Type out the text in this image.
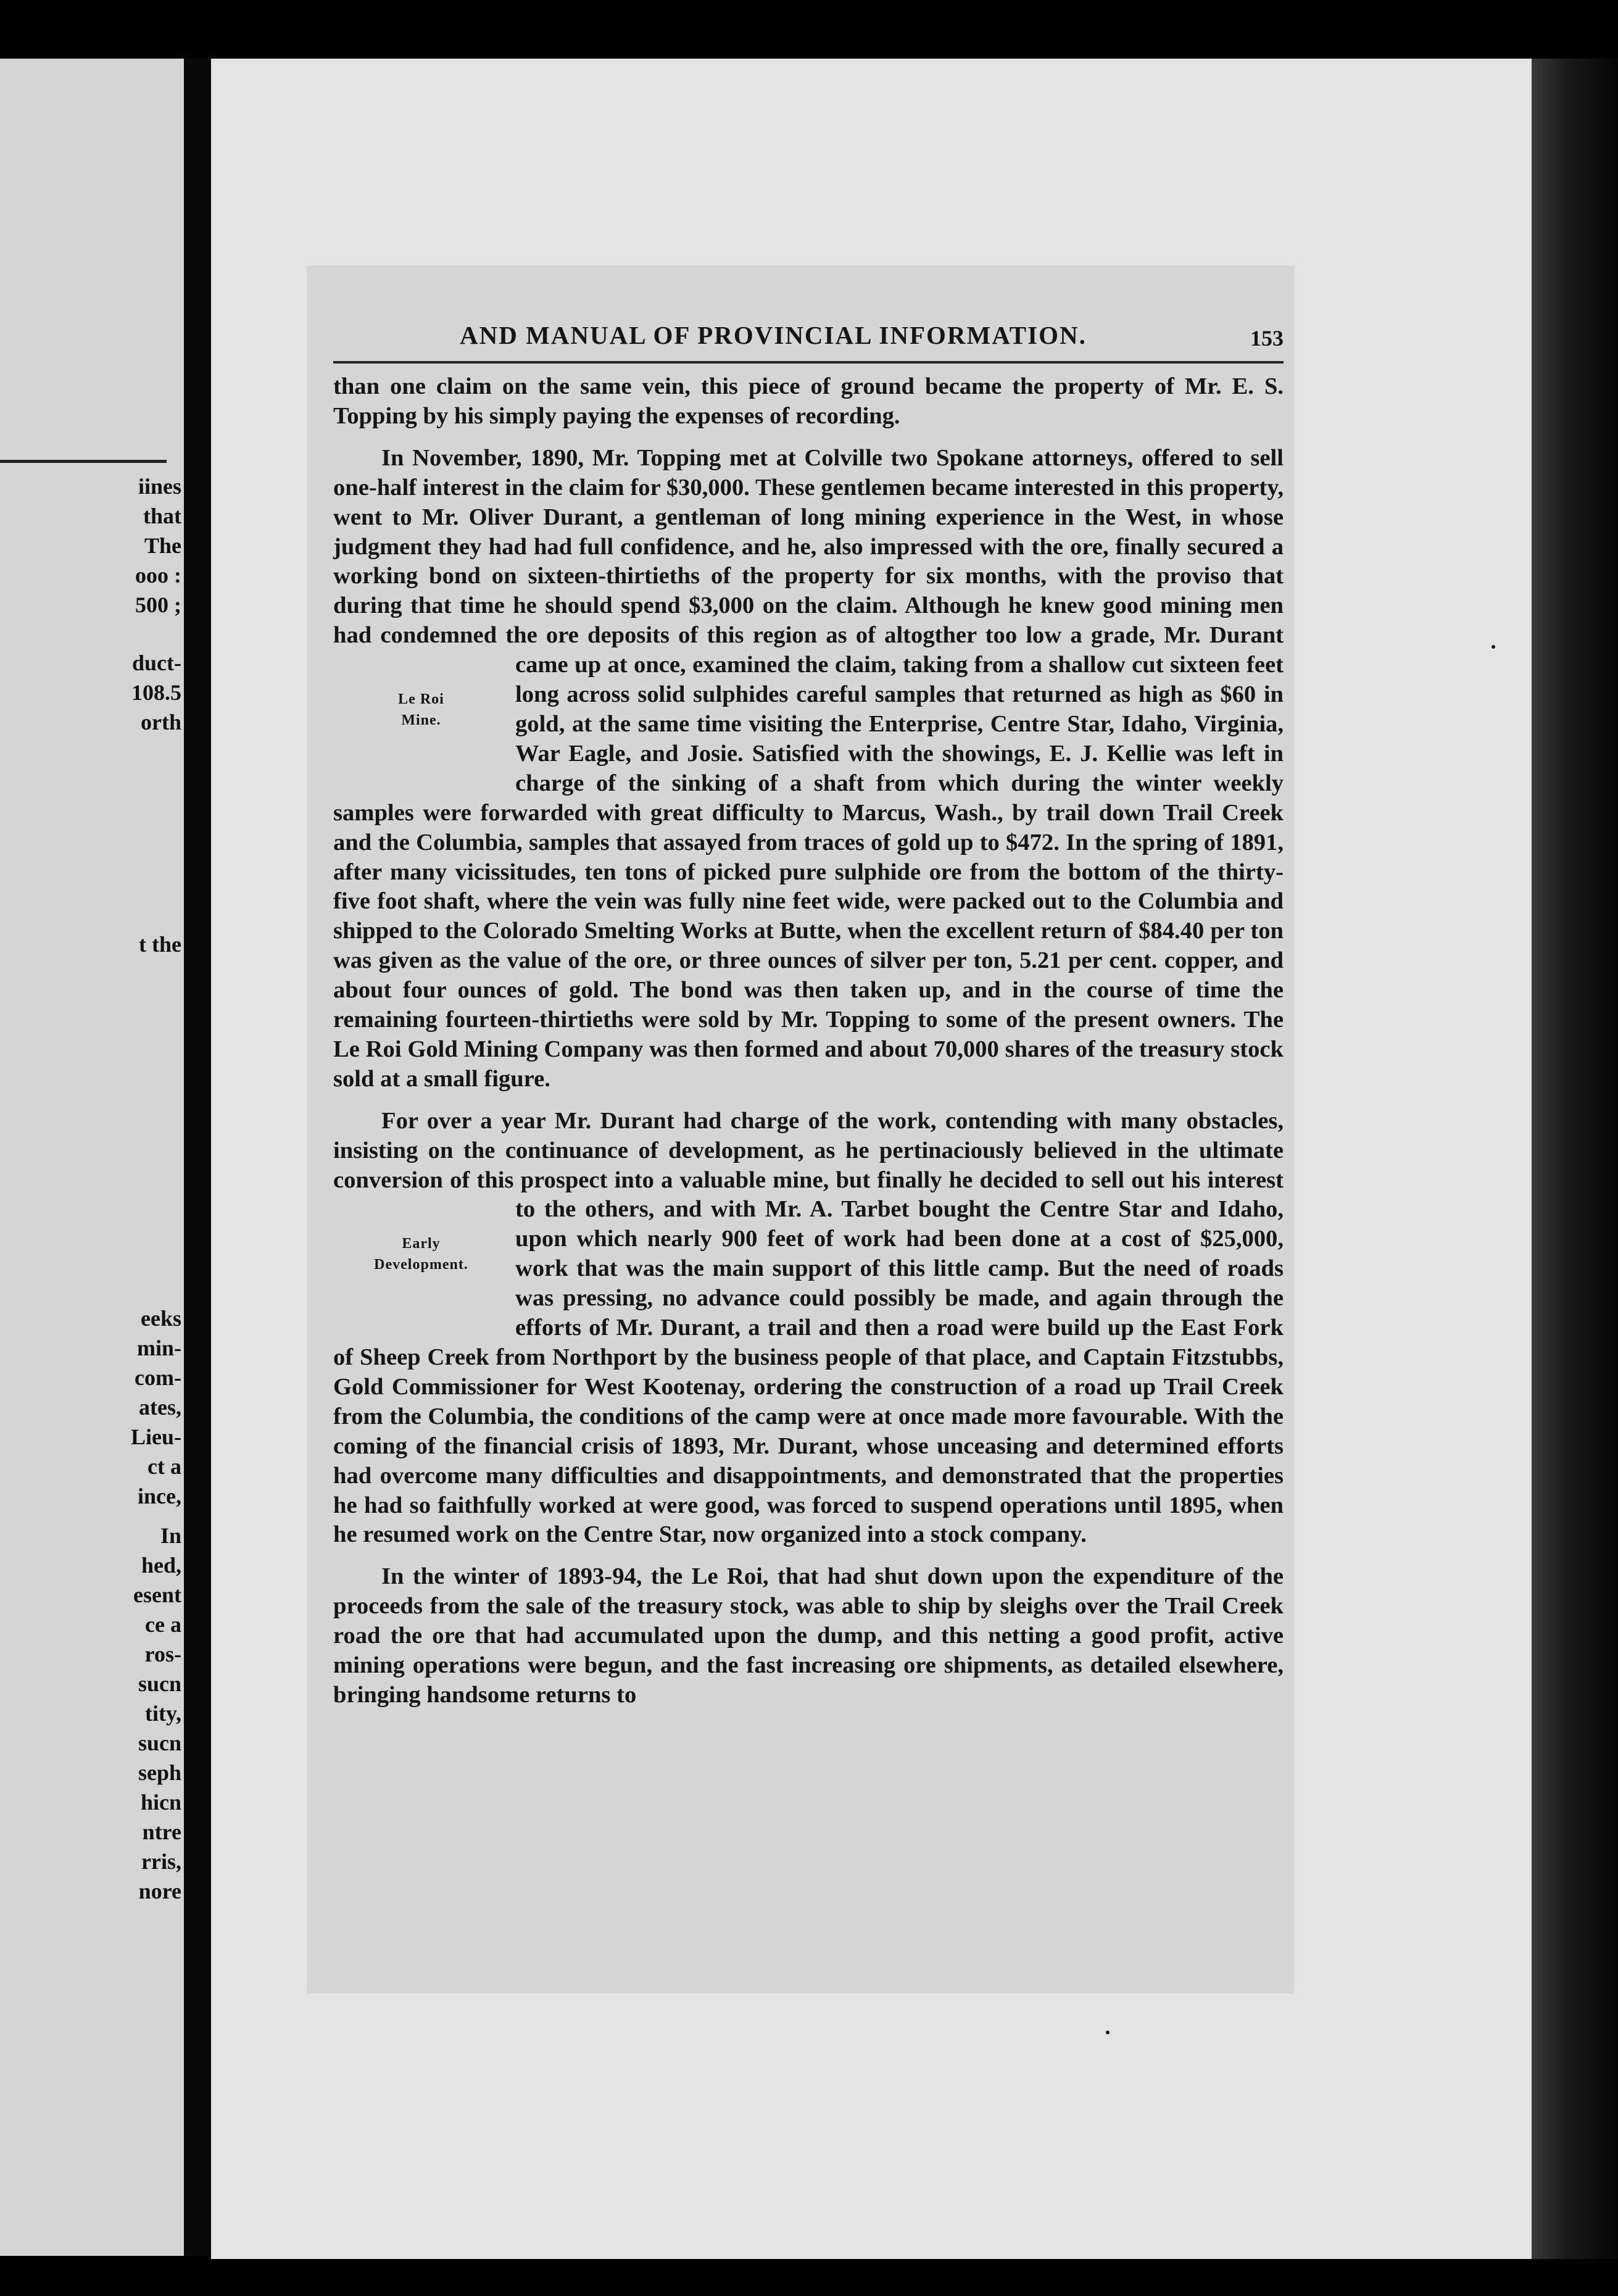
iines
that
The
ooo :
500 ;
duct-
108.5
orth
t the
eeks
min-
com-
ates,
Lieu-
ct a
ince,
In
hed,
esent
ce a
ros-
sucn
tity,
sucn
seph
hicn
ntre
rris,
nore
AND MANUAL OF PROVINCIAL INFORMATION.	153

than one claim on the same vein, this piece of ground became the property of Mr. E. S. Topping by his simply paying the expenses of recording.

In November, 1890, Mr. Topping met at Colville two Spokane attorneys, offered to sell one-half interest in the claim for $30,000. These gentlemen became interested in this property, went to Mr. Oliver Durant, a gentleman of long mining experience in the West, in whose judgment they had had full confidence, and he, also impressed with the ore, finally secured a working bond on sixteen-thirtieths of the property for six months, with the proviso that during that time he should spend $3,000 on the claim. Although he knew good mining men had condemned the ore deposits of this region as of altogther too low a grade, Mr. Durant came
Le Roi
Mine.
up at once, examined the claim, taking from a shallow cut sixteen feet long across solid sulphides careful samples that returned as high as $60 in gold, at the same time visiting the Enterprise, Centre Star, Idaho, Virginia, War Eagle, and Josie. Satisfied with the showings, E. J. Kellie was left in charge of the sinking of a shaft from which during the winter weekly samples were forwarded with great difficulty to Marcus, Wash., by trail down Trail Creek and the Columbia, samples that assayed from traces of gold up to $472. In the spring of 1891, after many vicissitudes, ten tons of picked pure sulphide ore from the bottom of the thirty-five foot shaft, where the vein was fully nine feet wide, were packed out to the Columbia and shipped to the Colorado Smelting Works at Butte, when the excellent return of $84.40 per ton was given as the value of the ore, or three ounces of silver per ton, 5.21 per cent. copper, and about four ounces of gold. The bond was then taken up, and in the course of time the remaining fourteen-thirtieths were sold by Mr. Topping to some of the present owners. The Le Roi Gold Mining Company was then formed and about 70,000 shares of the treasury stock sold at a small figure.

For over a year Mr. Durant had charge of the work, contending with many obstacles, insisting on the continuance of development, as he pertinaciously believed in the ultimate conversion of this prospect into a valuable mine, but finally he decided to sell out his interest to the others, and with Mr. A. Tarbet bought
Early
Development.
the Centre Star and Idaho, upon which nearly 900 feet of work had been done at a cost of $25,000, work that was the main support of this little camp. But the need of roads was pressing, no advance could possibly be made, and again through the efforts of Mr. Durant, a trail and then a road were build up the East Fork of Sheep Creek from Northport by the business people of that place, and Captain Fitzstubbs, Gold Commissioner for West Kootenay, ordering the construction of a road up Trail Creek from the Columbia, the conditions of the camp were at once made more favourable. With the coming of the financial crisis of 1893, Mr. Durant, whose unceasing and determined efforts had overcome many difficulties and disappointments, and demonstrated that the properties he had so faithfully worked at were good, was forced to suspend operations until 1895, when he resumed work on the Centre Star, now organized into a stock company.

In the winter of 1893-94, the Le Roi, that had shut down upon the expenditure of the proceeds from the sale of the treasury stock, was able to ship by sleighs over the Trail Creek road the ore that had accumulated upon the dump, and this netting a good profit, active mining operations were begun, and the fast increasing ore shipments, as detailed elsewhere, bringing handsome returns to
